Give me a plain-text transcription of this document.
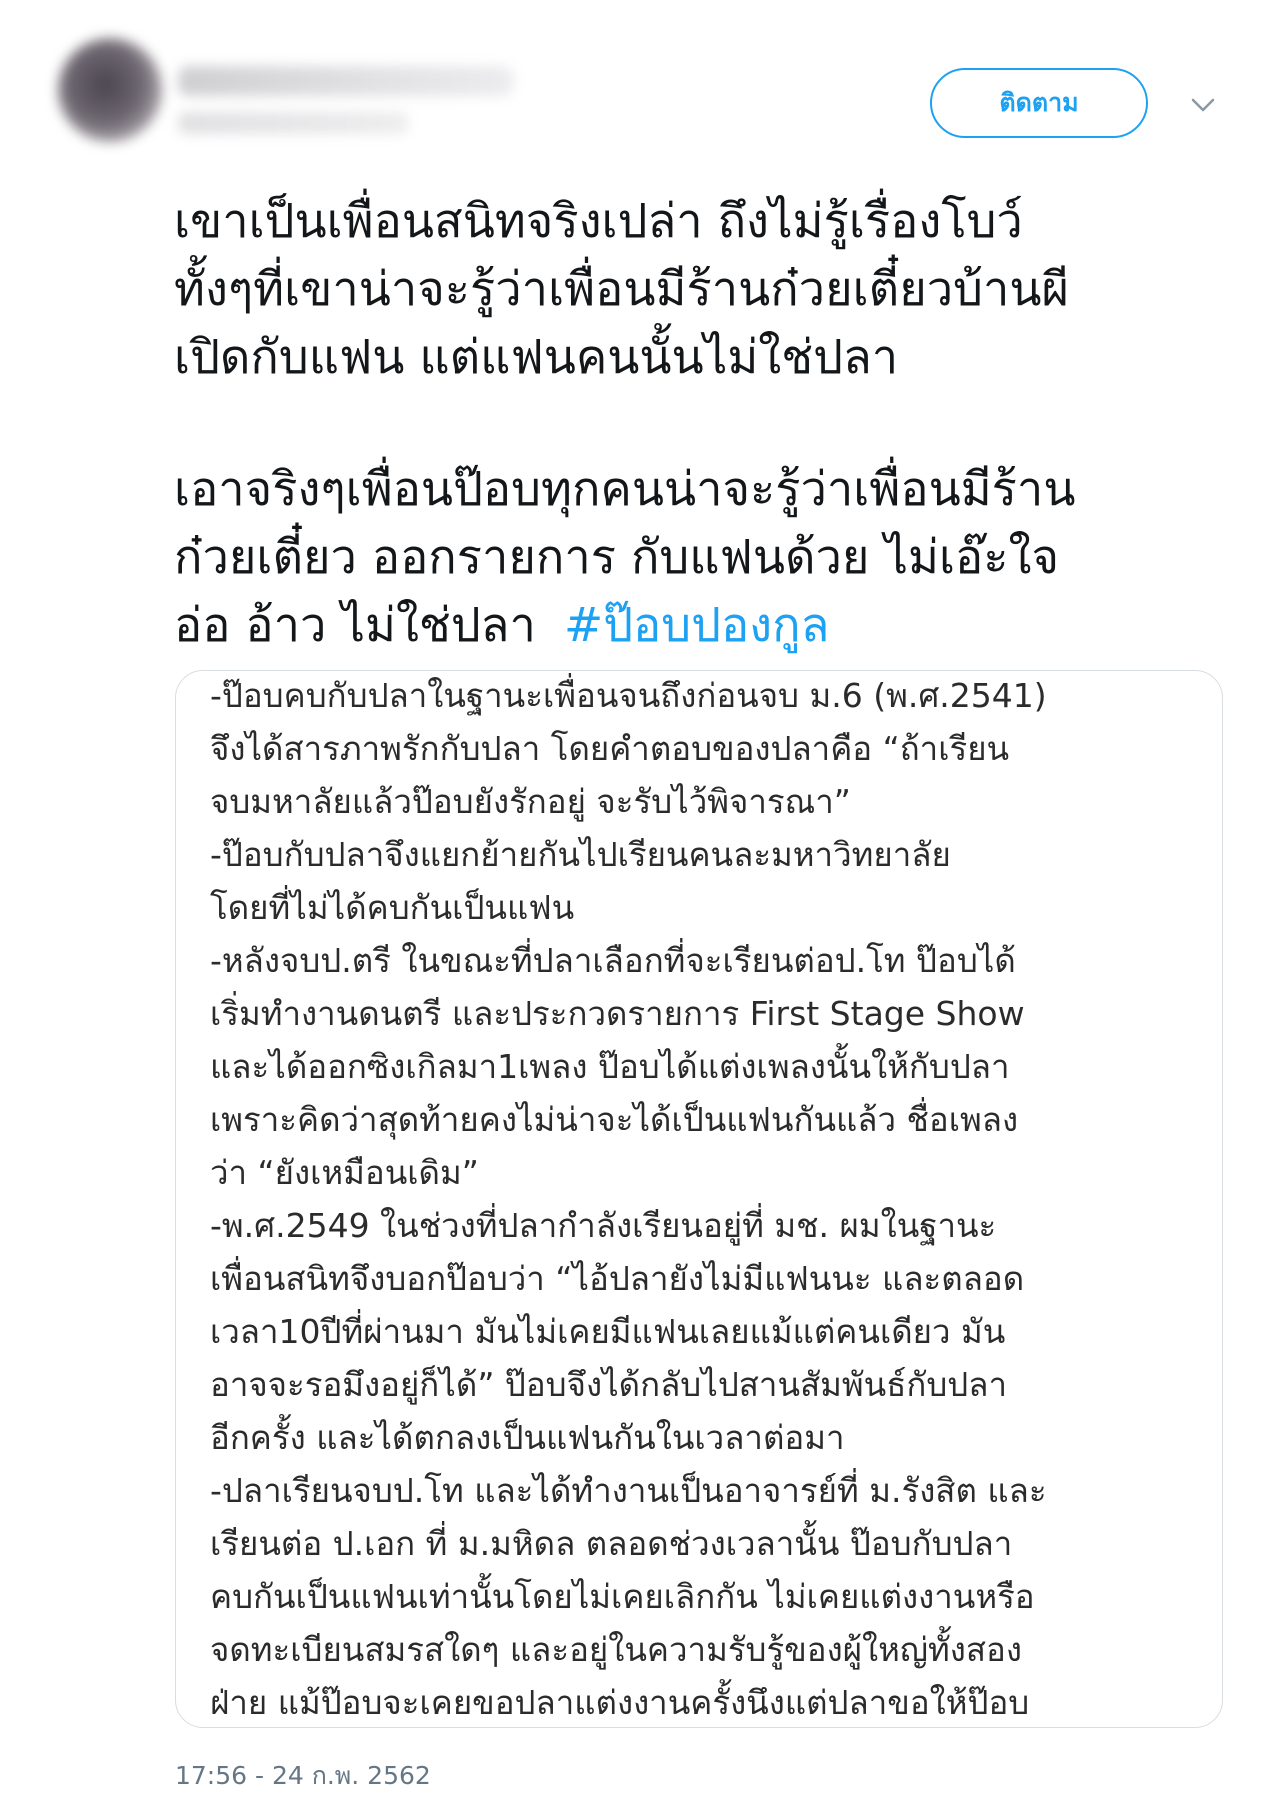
ติดตาม

เขาเป็นเพื่อนสนิทจริงเปล่า ถึงไม่รู้เรื่องโบว์

ทั้งๆที่เขาน่าจะรู้ว่าเพื่อนมีร้านก๋วยเตี๋ยวบ้านผี

เปิดกับแฟน แต่แฟนคนนั้นไม่ใช่ปลา

เอาจริงๆเพื่อนป๊อบทุกคนน่าจะรู้ว่าเพื่อนมีร้าน

ก๋วยเตี๋ยว ออกรายการ กับแฟนด้วย ไม่เอ๊ะใจ

อ่อ อ้าว ไม่ใช่ปลา #ป๊อบปองกูล

-ป๊อบคบกับปลาในฐานะเพื่อนจนถึงก่อนจบ ม.6 (พ.ศ.2541)
จึงได้สารภาพรักกับปลา โดยคำตอบของปลาคือ “ถ้าเรียน
จบมหาลัยแล้วป๊อบยังรักอยู่ จะรับไว้พิจารณา”
-ป๊อบกับปลาจึงแยกย้ายกันไปเรียนคนละมหาวิทยาลัย
โดยที่ไม่ได้คบกันเป็นแฟน
-หลังจบป.ตรี ในขณะที่ปลาเลือกที่จะเรียนต่อป.โท ป๊อบได้
เริ่มทำงานดนตรี และประกวดรายการ First Stage Show
และได้ออกซิงเกิลมา1เพลง ป๊อบได้แต่งเพลงนั้นให้กับปลา
เพราะคิดว่าสุดท้ายคงไม่น่าจะได้เป็นแฟนกันแล้ว ชื่อเพลง
ว่า “ยังเหมือนเดิม”
-พ.ศ.2549 ในช่วงที่ปลากำลังเรียนอยู่ที่ มช. ผมในฐานะ
เพื่อนสนิทจึงบอกป๊อบว่า “ไอ้ปลายังไม่มีแฟนนะ และตลอด
เวลา10ปีที่ผ่านมา มันไม่เคยมีแฟนเลยแม้แต่คนเดียว มัน
อาจจะรอมึงอยู่ก็ได้” ป๊อบจึงได้กลับไปสานสัมพันธ์กับปลา
อีกครั้ง และได้ตกลงเป็นแฟนกันในเวลาต่อมา
-ปลาเรียนจบป.โท และได้ทำงานเป็นอาจารย์ที่ ม.รังสิต และ
เรียนต่อ ป.เอก ที่ ม.มหิดล ตลอดช่วงเวลานั้น ป๊อบกับปลา
คบกันเป็นแฟนเท่านั้นโดยไม่เคยเลิกกัน ไม่เคยแต่งงานหรือ
จดทะเบียนสมรสใดๆ และอยู่ในความรับรู้ของผู้ใหญ่ทั้งสอง
ฝ่าย แม้ป๊อบจะเคยขอปลาแต่งงานครั้งนึงแต่ปลาขอให้ป๊อบ
17:56 - 24 ก.พ. 2562
